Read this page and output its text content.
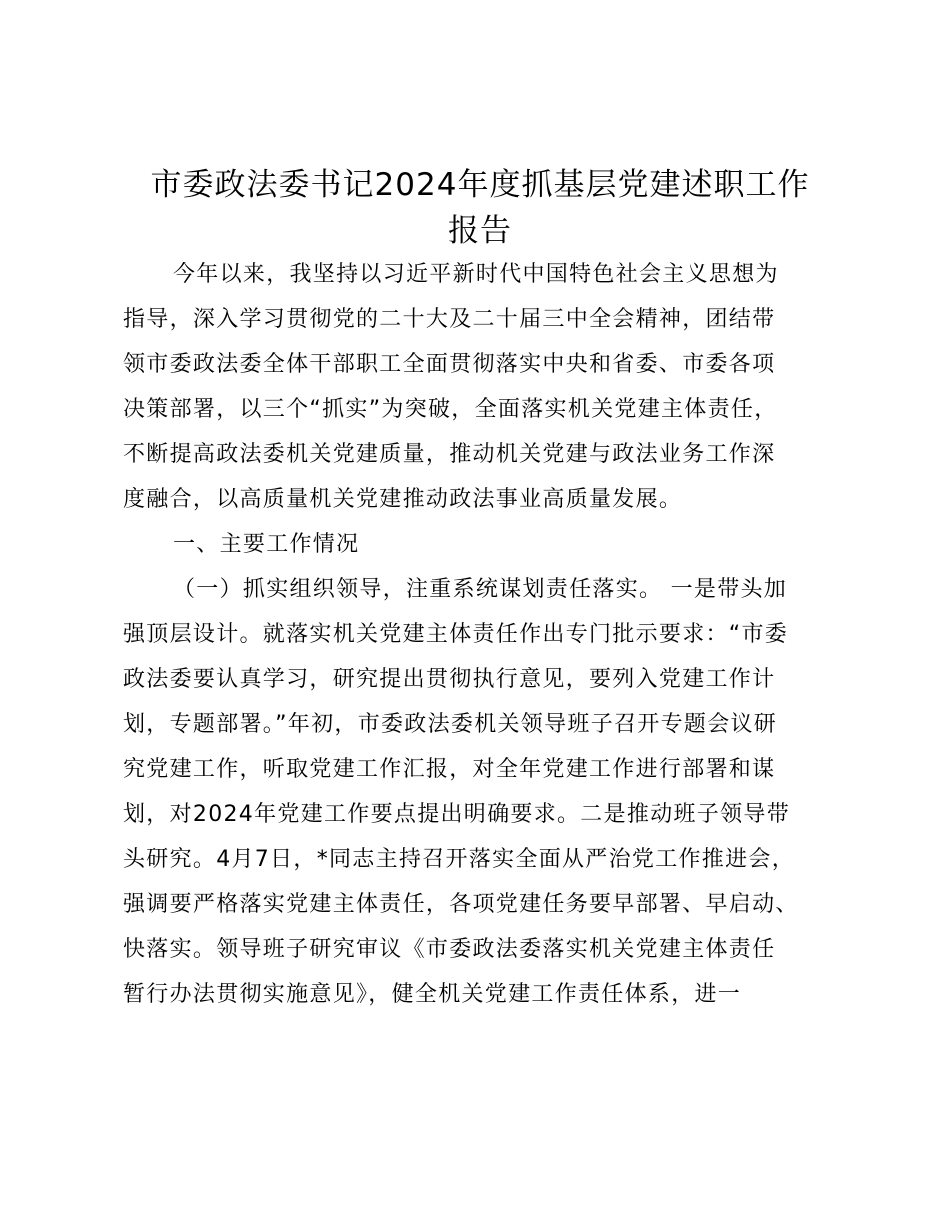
市委政法委书记2024年度抓基层党建述职工作
报告
今年以来，我坚持以习近平新时代中国特色社会主义思想为
指导，深入学习贯彻党的二十大及二十届三中全会精神，团结带
领市委政法委全体干部职工全面贯彻落实中央和省委、市委各项
决策部署，以三个“抓实”为突破，全面落实机关党建主体责任，
不断提高政法委机关党建质量，推动机关党建与政法业务工作深
度融合，以高质量机关党建推动政法事业高质量发展。
一、主要工作情况
（一）抓实组织领导，注重系统谋划责任落实。 一是带头加
强顶层设计。就落实机关党建主体责任作出专门批示要求：“市委
政法委要认真学习，研究提出贯彻执行意见，要列入党建工作计
划，专题部署。”年初，市委政法委机关领导班子召开专题会议研
究党建工作，听取党建工作汇报，对全年党建工作进行部署和谋
划，对2024年党建工作要点提出明确要求。二是推动班子领导带
头研究。4月7日，*同志主持召开落实全面从严治党工作推进会，
强调要严格落实党建主体责任，各项党建任务要早部署、早启动、
快落实。领导班子研究审议《市委政法委落实机关党建主体责任
暂行办法贯彻实施意见》，健全机关党建工作责任体系，进一
